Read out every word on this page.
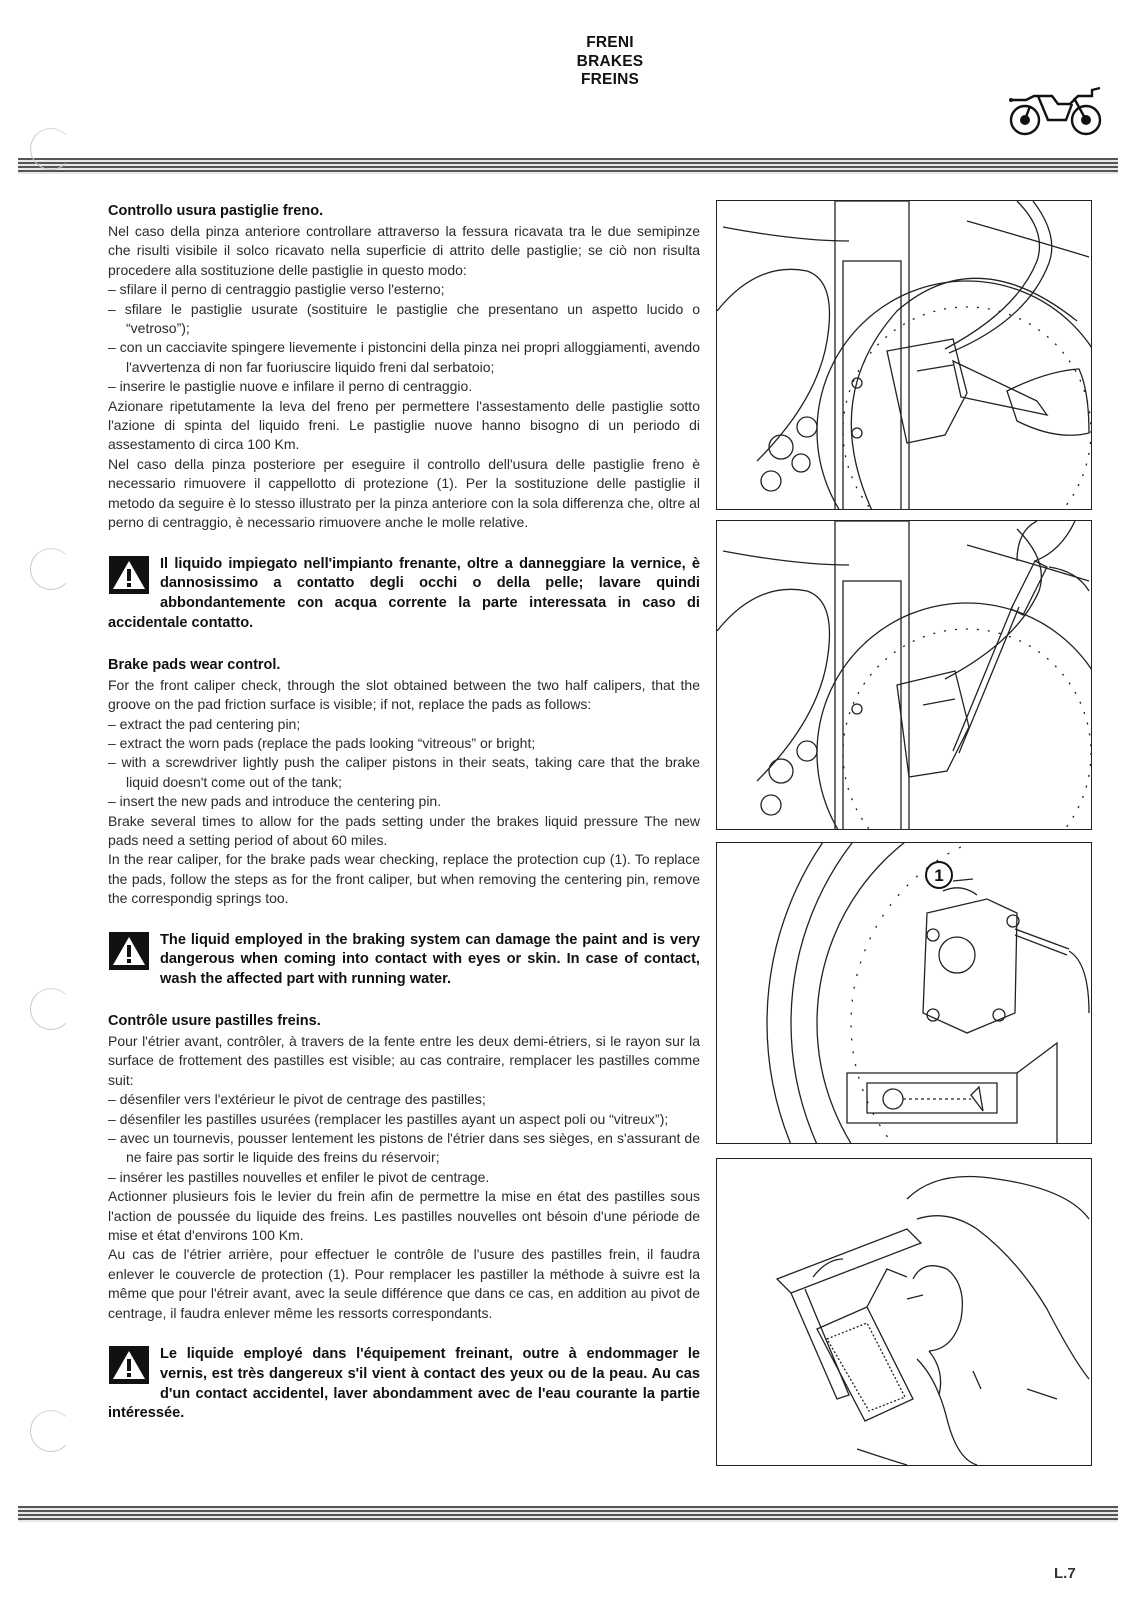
FRENI
BRAKES
FREINS

Controllo usura pastiglie freno.

Nel caso della pinza anteriore controllare attraverso la fessura ricavata tra le due semipinze che risulti visibile il solco ricavato nella superficie di attrito delle pastiglie; se ciò non risulta procedere alla sostituzione delle pastiglie in questo modo:

– sfilare il perno di centraggio pastiglie verso l'esterno;
– sfilare le pastiglie usurate (sostituire le pastiglie che presentano un aspetto lucido o “vetroso”);
– con un cacciavite spingere lievemente i pistoncini della pinza nei propri alloggiamenti, avendo l'avvertenza di non far fuoriuscire liquido freni dal serbatoio;
– inserire le pastiglie nuove e infilare il perno di centraggio.

Azionare ripetutamente la leva del freno per permettere l'assestamento delle pastiglie sotto l'azione di spinta del liquido freni. Le pastiglie nuove hanno bisogno di un periodo di assestamento di circa 100 Km.

Nel caso della pinza posteriore per eseguire il controllo dell'usura delle pastiglie freno è necessario rimuovere il cappellotto di protezione (1). Per la sostituzione delle pastiglie il metodo da seguire è lo stesso illustrato per la pinza anteriore con la sola differenza che, oltre al perno di centraggio, è necessario rimuovere anche le molle relative.

Il liquido impiegato nell'impianto frenante, oltre a danneggiare la vernice, è dannosissimo a contatto degli occhi o della pelle; lavare quindi abbondantemente con acqua corrente la parte interessata in caso di accidentale contatto.

Brake pads wear control.

For the front caliper check, through the slot obtained between the two half calipers, that the groove on the pad friction surface is visible; if not, replace the pads as follows:

– extract the pad centering pin;
– extract the worn pads (replace the pads looking “vitreous” or bright;
– with a screwdriver lightly push the caliper pistons in their seats, taking care that the brake liquid doesn't come out of the tank;
– insert the new pads and introduce the centering pin.

Brake several times to allow for the pads setting under the brakes liquid pressure The new pads need a setting period of about 60 miles.

In the rear caliper, for the brake pads wear checking, replace the protection cup (1). To replace the pads, follow the steps as for the front caliper, but when removing the centering pin, remove the correspondig springs too.

The liquid employed in the braking system can damage the paint and is very dangerous when coming into contact with eyes or skin. In case of contact, wash the affected part with running water.

Contrôle usure pastilles freins.

Pour l'étrier avant, contrôler, à travers de la fente entre les deux demi-étriers, si le rayon sur la surface de frottement des pastilles est visible; au cas contraire, remplacer les pastilles comme suit:

– désenfiler vers l'extérieur le pivot de centrage des pastilles;
– désenfiler les pastilles usurées (remplacer les pastilles ayant un aspect poli ou “vitreux”);
– avec un tournevis, pousser lentement les pistons de l'étrier dans ses sièges, en s'assurant de ne faire pas sortir le liquide des freins du réservoir;
– insérer les pastilles nouvelles et enfiler le pivot de centrage.

Actionner plusieurs fois le levier du frein afin de permettre la mise en état des pastilles sous l'action de poussée du liquide des freins. Les pastilles nouvelles ont bésoin d'une période de mise et état d'environs 100 Km.

Au cas de l'étrier arrière, pour effectuer le contrôle de l'usure des pastilles frein, il faudra enlever le couvercle de protection (1). Pour remplacer les pastiller la méthode à suivre est la même que pour l'étreir avant, avec la seule différence que dans ce cas, en addition au pivot de centrage, il faudra enlever même les ressorts correspondants.

Le liquide employé dans l'équipement freinant, outre à endommager le vernis, est très dangereux s'il vient à contact des yeux ou de la peau. Au cas d'un contact accidentel, laver abondamment avec de l'eau courante la partie intéressée.

1
L.7
